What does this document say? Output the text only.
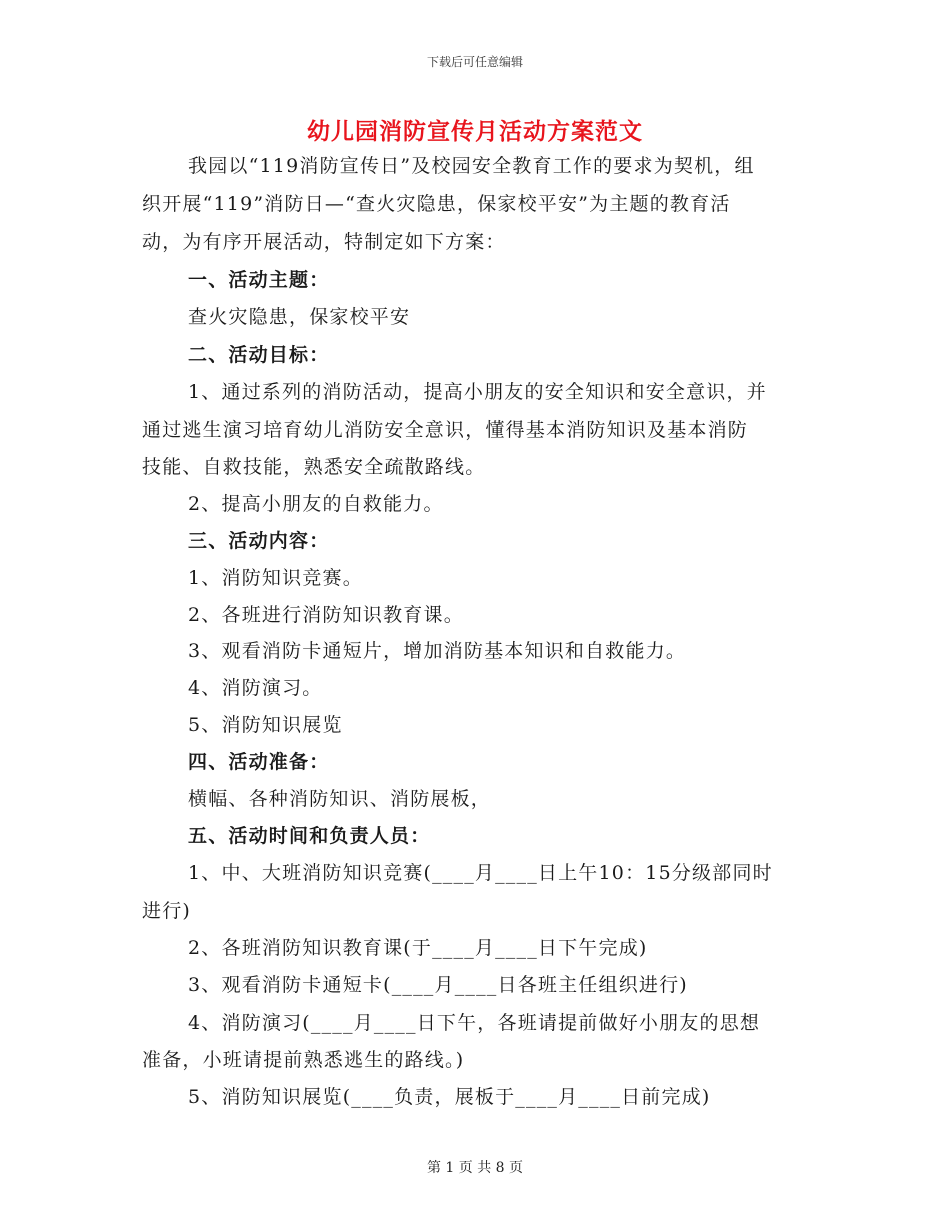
下载后可任意编辑
幼儿园消防宣传月活动方案范文
我园以“119消防宣传日”及校园安全教育工作的要求为契机，组
织开展“119”消防日—“查火灾隐患，保家校平安”为主题的教育活
动，为有序开展活动，特制定如下方案：
一、活动主题：
查火灾隐患，保家校平安
二、活动目标：
1、通过系列的消防活动，提高小朋友的安全知识和安全意识，并
通过逃生演习培育幼儿消防安全意识，懂得基本消防知识及基本消防
技能、自救技能，熟悉安全疏散路线。
2、提高小朋友的自救能力。
三、活动内容：
1、消防知识竞赛。
2、各班进行消防知识教育课。
3、观看消防卡通短片，增加消防基本知识和自救能力。
4、消防演习。
5、消防知识展览
四、活动准备：
横幅、各种消防知识、消防展板，
五、活动时间和负责人员：
1、中、大班消防知识竞赛(____月____日上午10：15分级部同时
进行)
2、各班消防知识教育课(于____月____日下午完成)
3、观看消防卡通短卡(____月____日各班主任组织进行)
4、消防演习(____月____日下午，各班请提前做好小朋友的思想
准备，小班请提前熟悉逃生的路线。)
5、消防知识展览(____负责，展板于____月____日前完成)
第 1 页 共 8 页
